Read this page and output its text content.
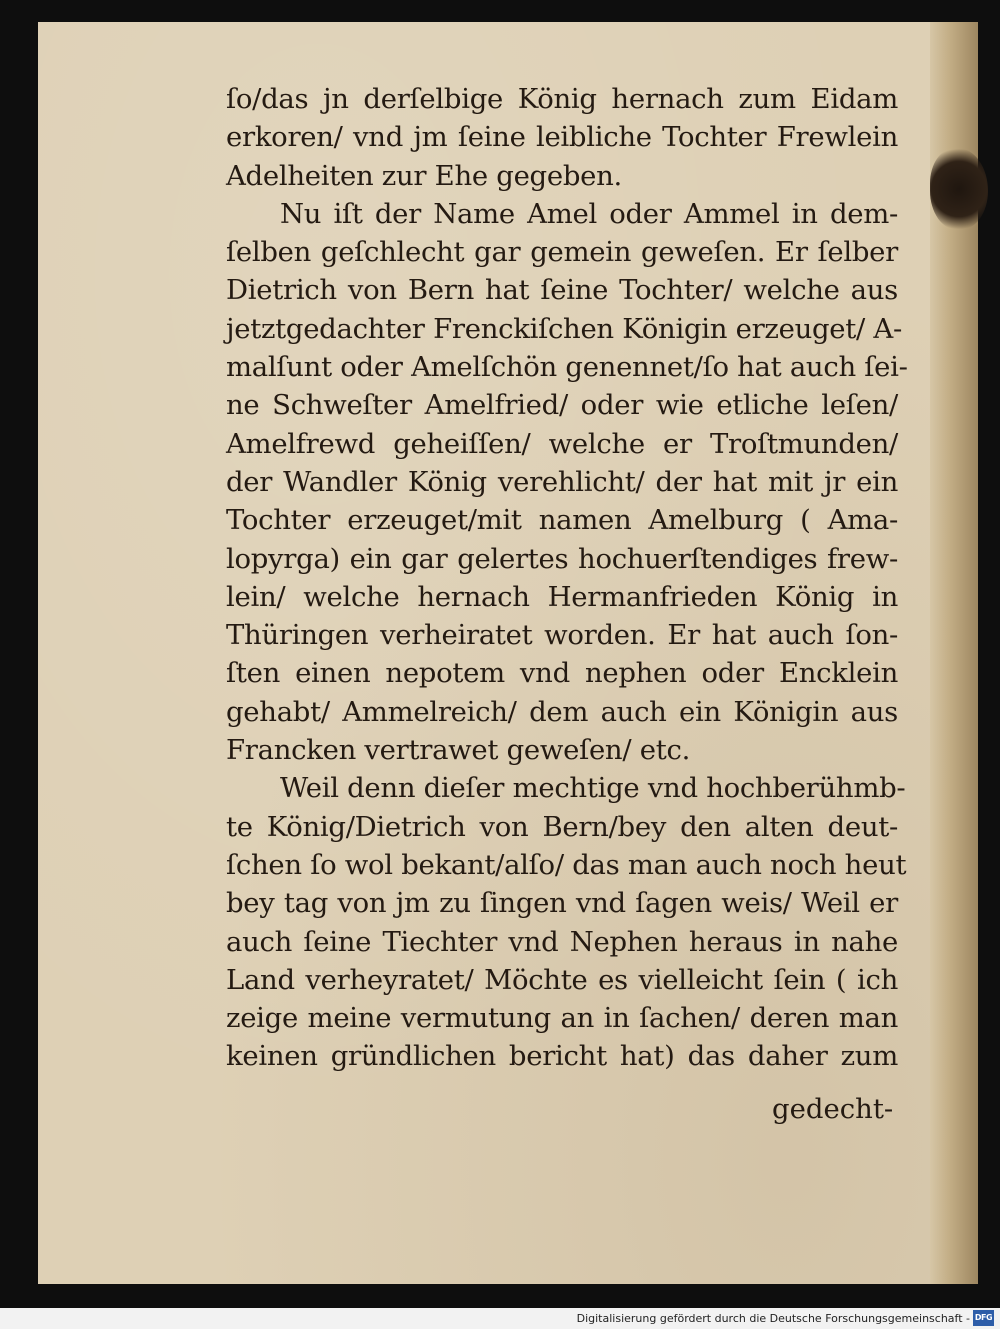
ſo/das jn derſelbige König hernach zum Eidam
erkoren/ vnd jm ſeine leibliche Tochter Frewlein
Adelheiten zur Ehe gegeben.
Nu iſt der Name Amel oder Ammel in dem-
ſelben geſchlecht gar gemein geweſen. Er ſelber
Dietrich von Bern hat ſeine Tochter/ welche aus
jetztgedachter Frenckiſchen Königin erzeuget/ A-
malſunt oder Amelſchön genennet/ſo hat auch ſei-
ne Schweſter Amelfried/ oder wie etliche leſen/
Amelfrewd geheiſſen/ welche er Troſtmunden/
der Wandler König verehlicht/ der hat mit jr ein
Tochter erzeuget/mit namen Amelburg ( Ama-
lopyrga) ein gar gelertes hochuerſtendiges frew-
lein/ welche hernach Hermanfrieden König in
Thüringen verheiratet worden. Er hat auch ſon-
ſten einen nepotem vnd nephen oder Encklein
gehabt/ Ammelreich/ dem auch ein Königin aus
Francken vertrawet geweſen/ etc.
Weil denn dieſer mechtige vnd hochberühmb-
te König/Dietrich von Bern/bey den alten deut-
ſchen ſo wol bekant/alſo/ das man auch noch heut
bey tag von jm zu ſingen vnd ſagen weis/ Weil er
auch ſeine Tiechter vnd Nephen heraus in nahe
Land verheyratet/ Möchte es vielleicht ſein ( ich
zeige meine vermutung an in ſachen/ deren man
keinen gründlichen bericht hat) das daher zum
gedecht-
Digitalisierung gefördert durch die Deutsche Forschungsgemeinschaft - DFG
